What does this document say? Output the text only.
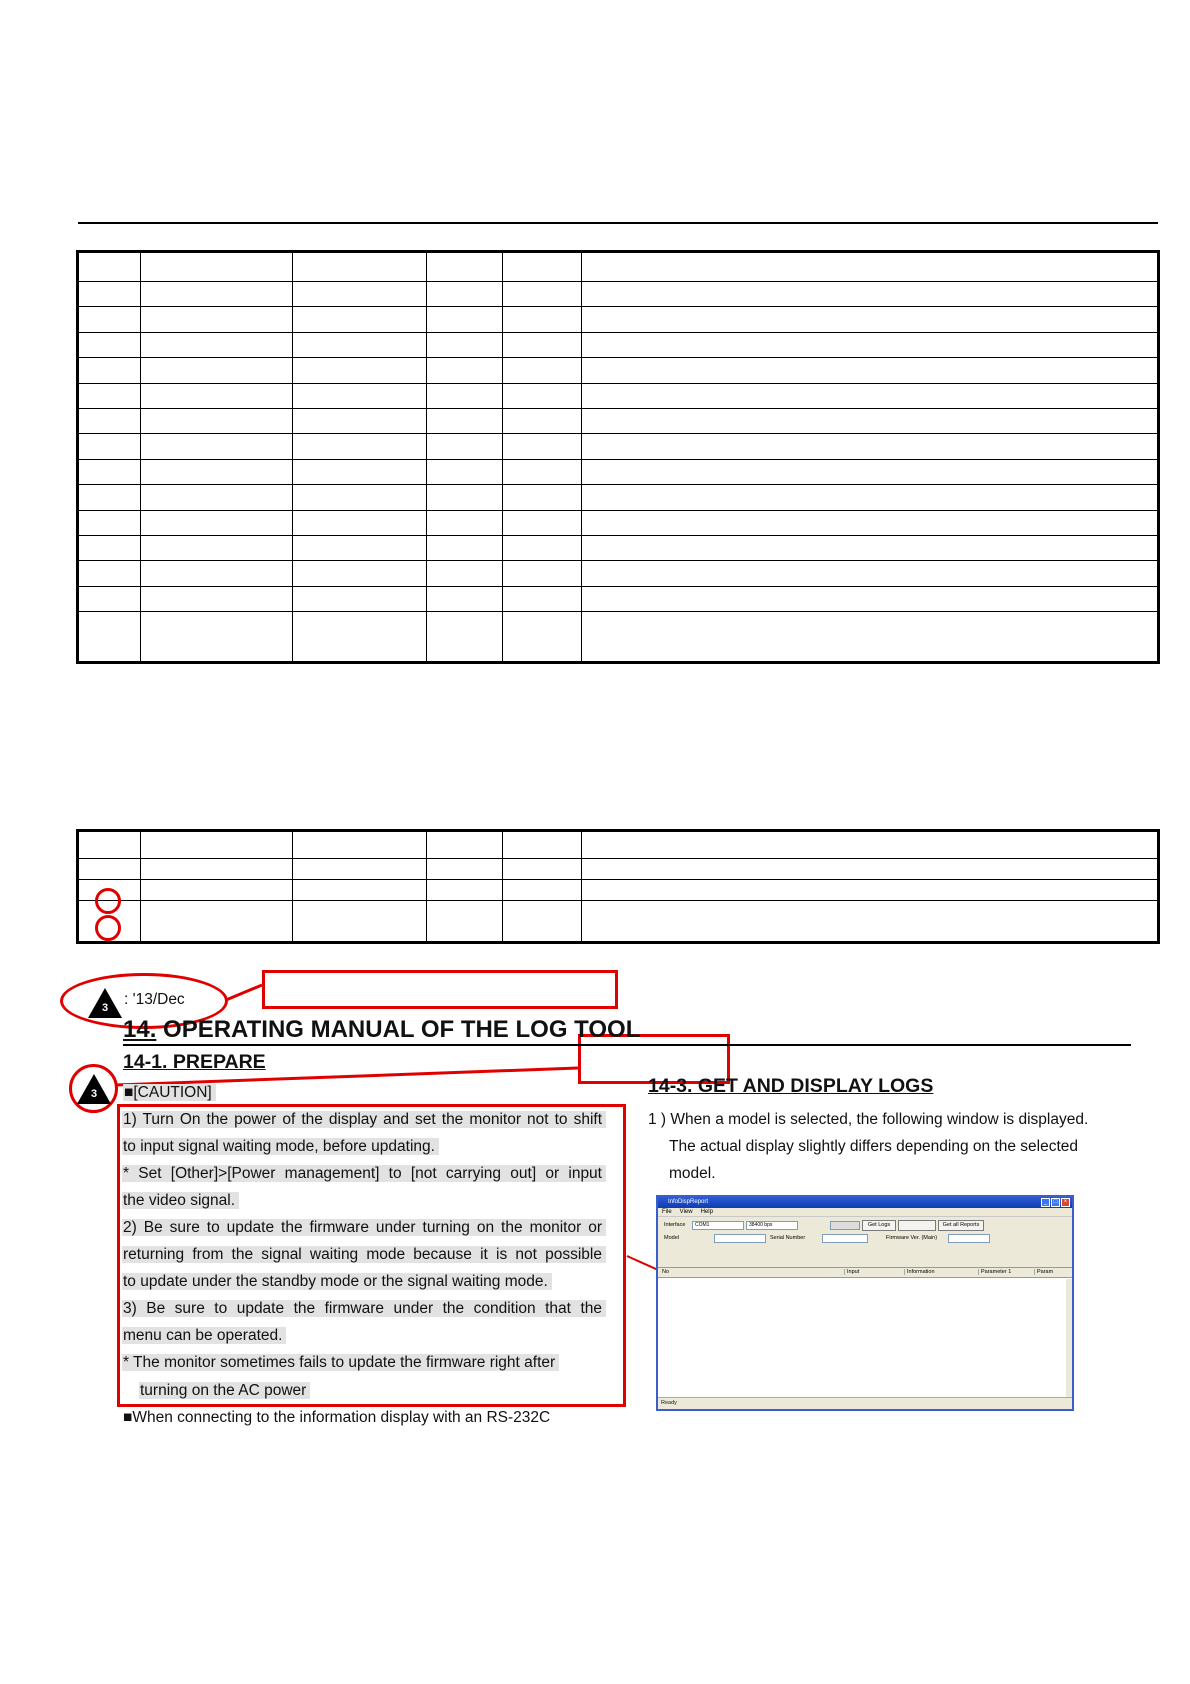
3	: '13/Dec
14. OPERATING MANUAL OF THE LOG TOOL
14-1. PREPARE
3	■[CAUTION]
1) Turn On the power of the display and set the monitor not to shift
to input signal waiting mode, before updating.
* Set [Other]>[Power management] to [not carrying out] or input
the video signal.
2) Be sure to update the firmware under turning on the monitor or
returning from the signal waiting mode because it is not possible
to update under the standby mode or the signal waiting mode.
3) Be sure to update the firmware under the condition that the
menu can be operated.
* The monitor sometimes fails to update the firmware right after
turning on the AC power
■When connecting to the information display with an RS-232C
14-3. GET AND DISPLAY LOGS
1 ) When a model is selected, the following window is displayed.
The actual display slightly differs depending on the selected
model.
InfoDispReport	_	□	×
File View Help
Interface	COM1	38400 bps	Get Logs	Get all Reports
Model	Serial Number	Firmware Ver. (Main)
No	Input	Information	Parameter 1	Param
Ready
